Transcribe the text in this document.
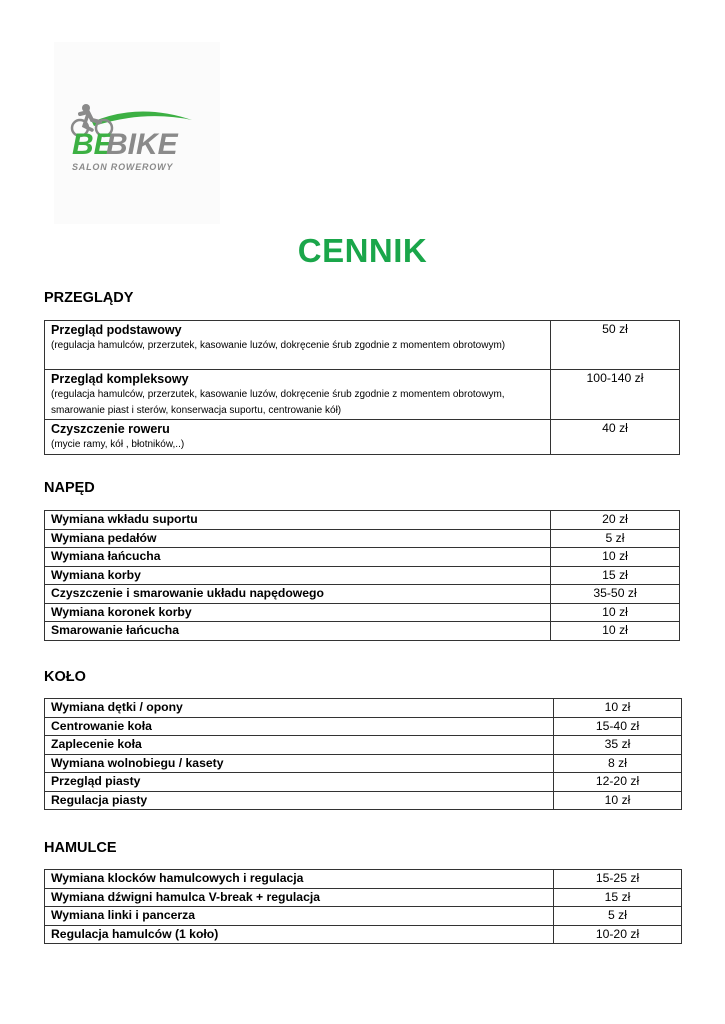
BE
BIKE
SALON ROWEROWY
CENNIK
PRZEGLĄDY
Przegląd podstawowy
(regulacja hamulców, przerzutek, kasowanie luzów, dokręcenie śrub zgodnie z momentem obrotowym)	50 zł

Przegląd kompleksowy
(regulacja hamulców, przerzutek, kasowanie luzów, dokręcenie śrub zgodnie z momentem obrotowym, smarowanie piast i sterów, konserwacja suportu, centrowanie kół)	100-140 zł

Czyszczenie roweru
(mycie ramy, kół , błotników,..)	40 zł
NAPĘD
Wymiana wkładu suportu	20 zł
Wymiana pedałów	5 zł
Wymiana łańcucha	10 zł
Wymiana korby	15 zł
Czyszczenie i smarowanie układu napędowego	35-50 zł
Wymiana koronek korby	10 zł
Smarowanie łańcucha	10 zł
KOŁO
Wymiana dętki / opony	10 zł
Centrowanie koła	15-40 zł
Zaplecenie koła	35 zł
Wymiana wolnobiegu / kasety	8 zł
Przegląd piasty	12-20 zł
Regulacja piasty	10 zł
HAMULCE
Wymiana klocków hamulcowych i regulacja	15-25 zł
Wymiana dźwigni hamulca V-break + regulacja	15 zł
Wymiana linki i pancerza	5 zł
Regulacja hamulców (1 koło)	10-20 zł
